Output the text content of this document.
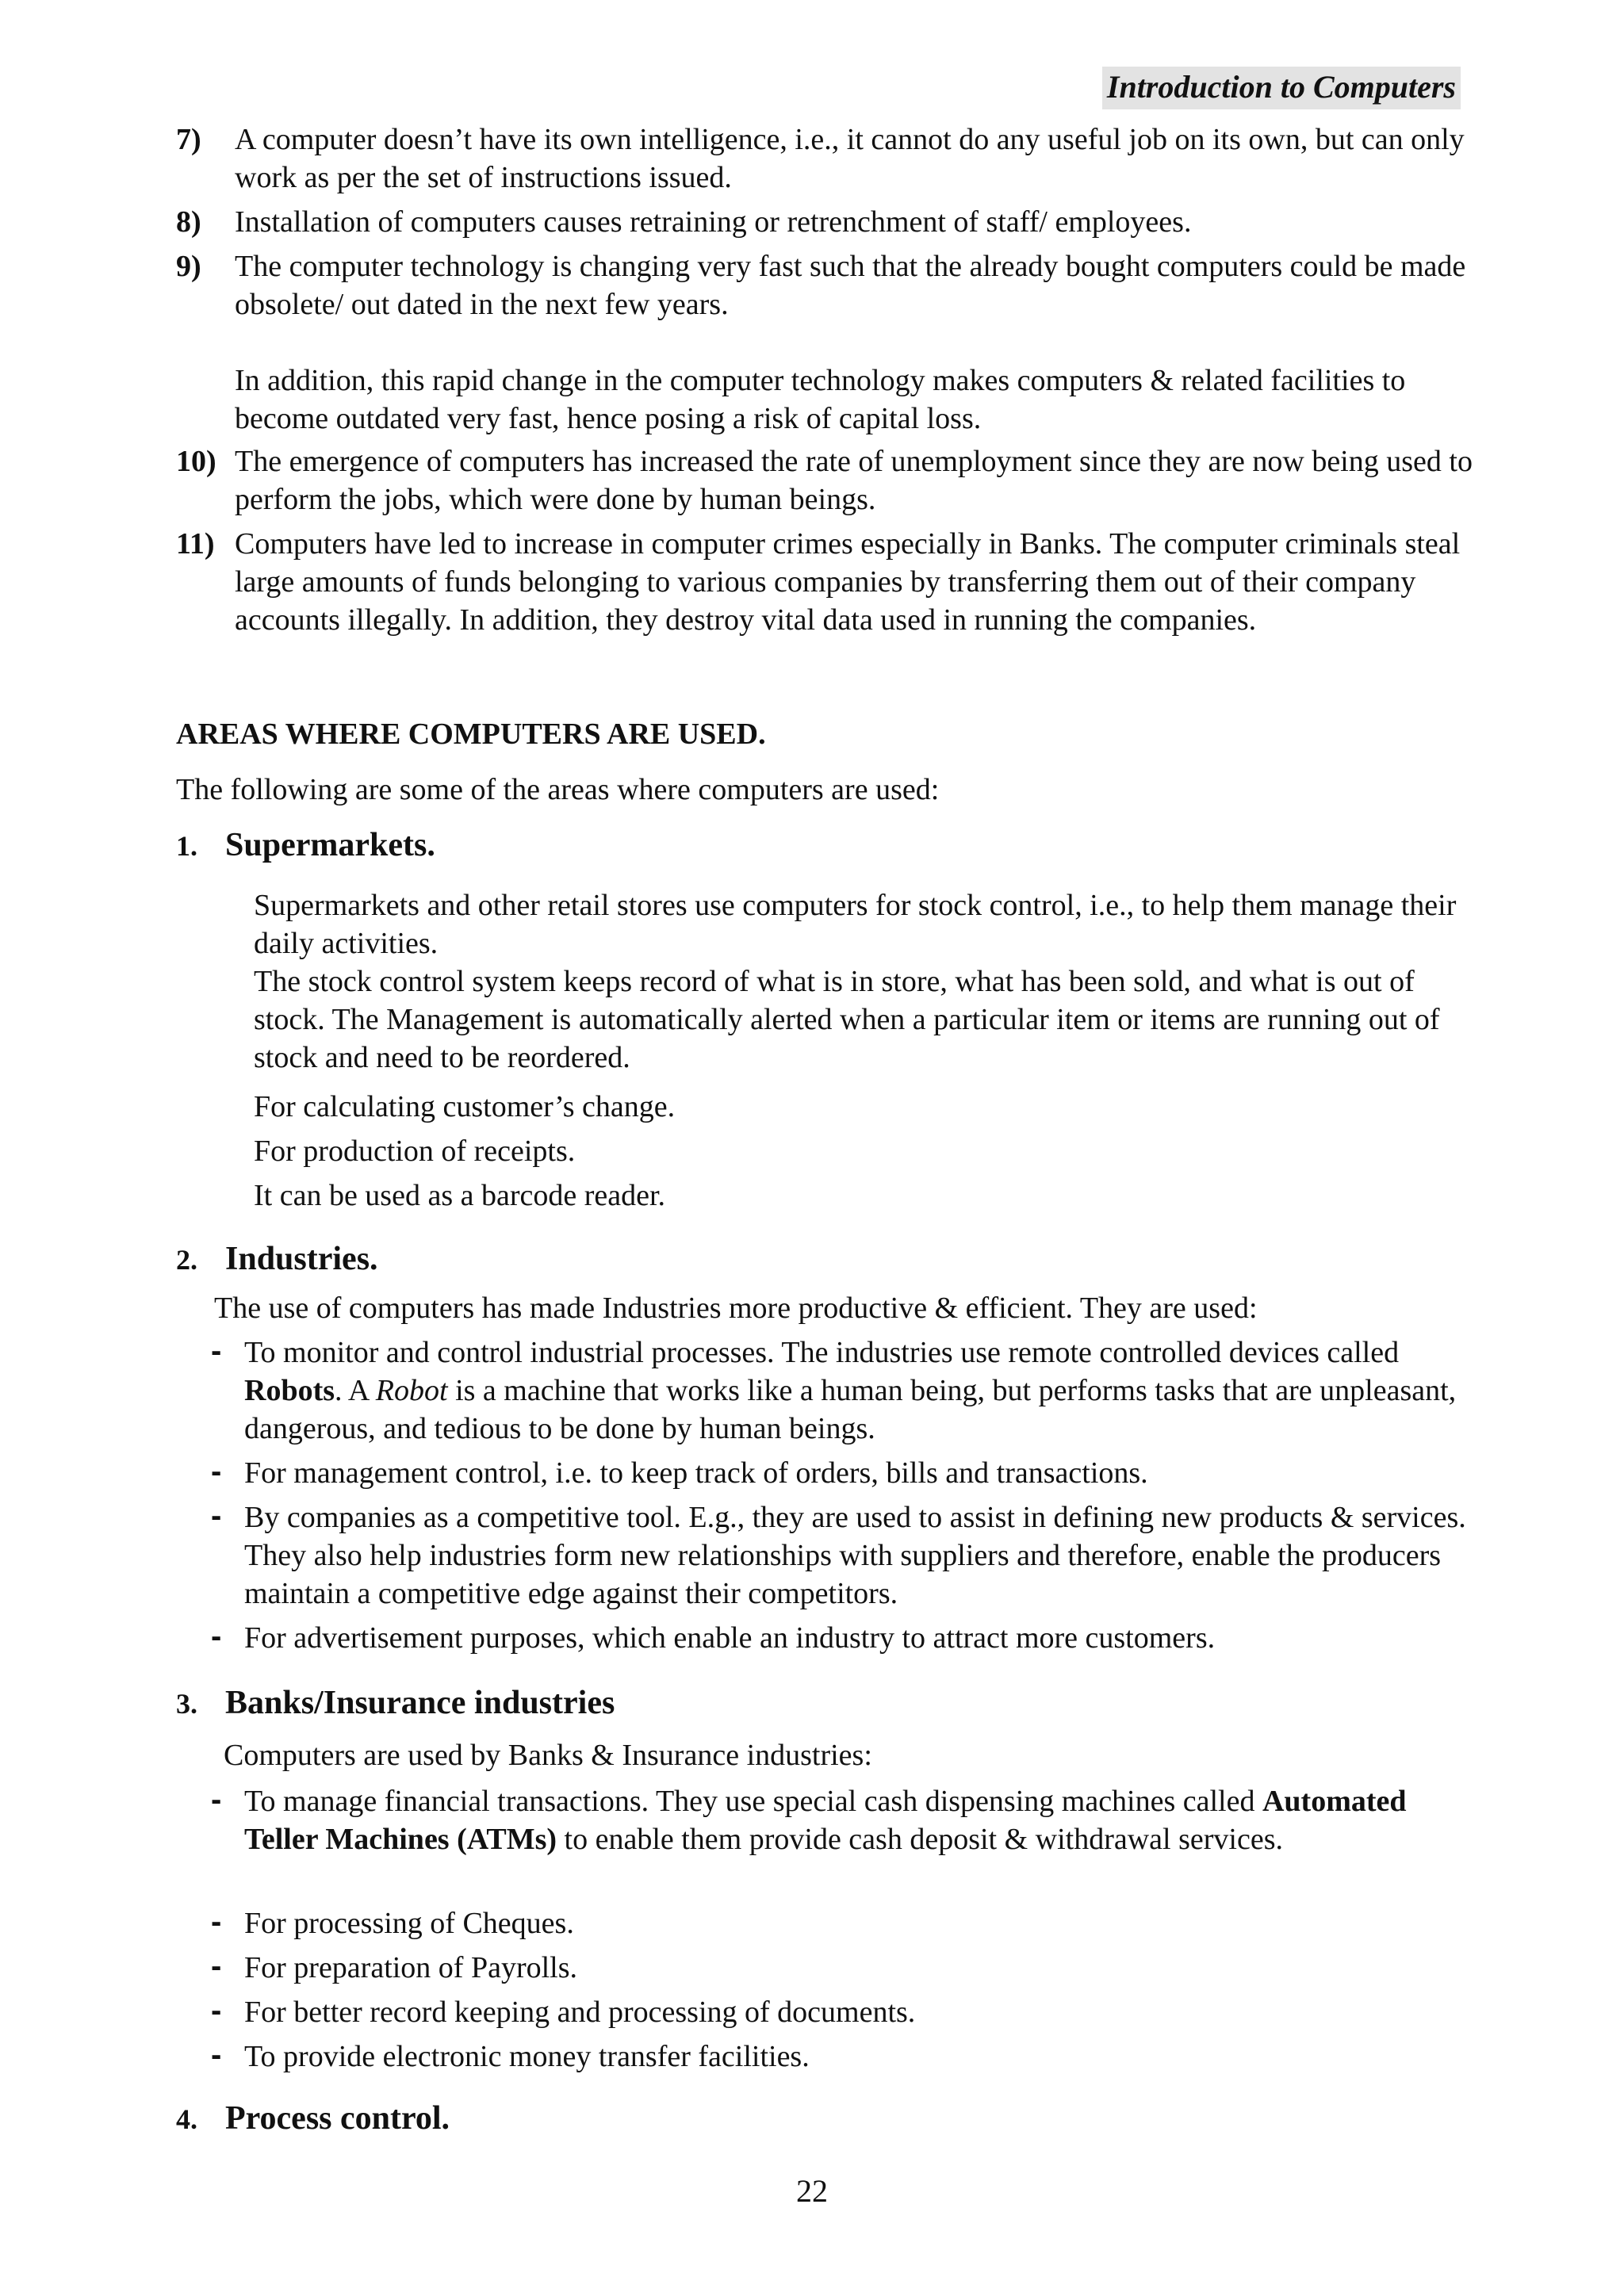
Introduction to Computers
7) A computer doesn’t have its own intelligence, i.e., it cannot do any useful job on its own, but can only work as per the set of instructions issued.
8) Installation of computers causes retraining or retrenchment of staff/ employees.
9) The computer technology is changing very fast such that the already bought computers could be made obsolete/ out dated in the next few years.
In addition, this rapid change in the computer technology makes computers & related facilities to become outdated very fast, hence posing a risk of capital loss.
10) The emergence of computers has increased the rate of unemployment since they are now being used to perform the jobs, which were done by human beings.
11) Computers have led to increase in computer crimes especially in Banks. The computer criminals steal large amounts of funds belonging to various companies by transferring them out of their company accounts illegally. In addition, they destroy vital data used in running the companies.
AREAS WHERE COMPUTERS ARE USED.
The following are some of the areas where computers are used:
1. Supermarkets.
Supermarkets and other retail stores use computers for stock control, i.e., to help them manage their daily activities.
The stock control system keeps record of what is in store, what has been sold, and what is out of stock. The Management is automatically alerted when a particular item or items are running out of stock and need to be reordered.
For calculating customer’s change.
For production of receipts.
It can be used as a barcode reader.
2. Industries.
The use of computers has made Industries more productive & efficient. They are used:
- To monitor and control industrial processes. The industries use remote controlled devices called Robots. A Robot is a machine that works like a human being, but performs tasks that are unpleasant, dangerous, and tedious to be done by human beings.
- For management control, i.e. to keep track of orders, bills and transactions.
- By companies as a competitive tool. E.g., they are used to assist in defining new products & services. They also help industries form new relationships with suppliers and therefore, enable the producers maintain a competitive edge against their competitors.
- For advertisement purposes, which enable an industry to attract more customers.
3. Banks/Insurance industries
Computers are used by Banks & Insurance industries:
- To manage financial transactions. They use special cash dispensing machines called Automated Teller Machines (ATMs) to enable them provide cash deposit & withdrawal services.
- For processing of Cheques.
- For preparation of Payrolls.
- For better record keeping and processing of documents.
- To provide electronic money transfer facilities.
4. Process control.
22
